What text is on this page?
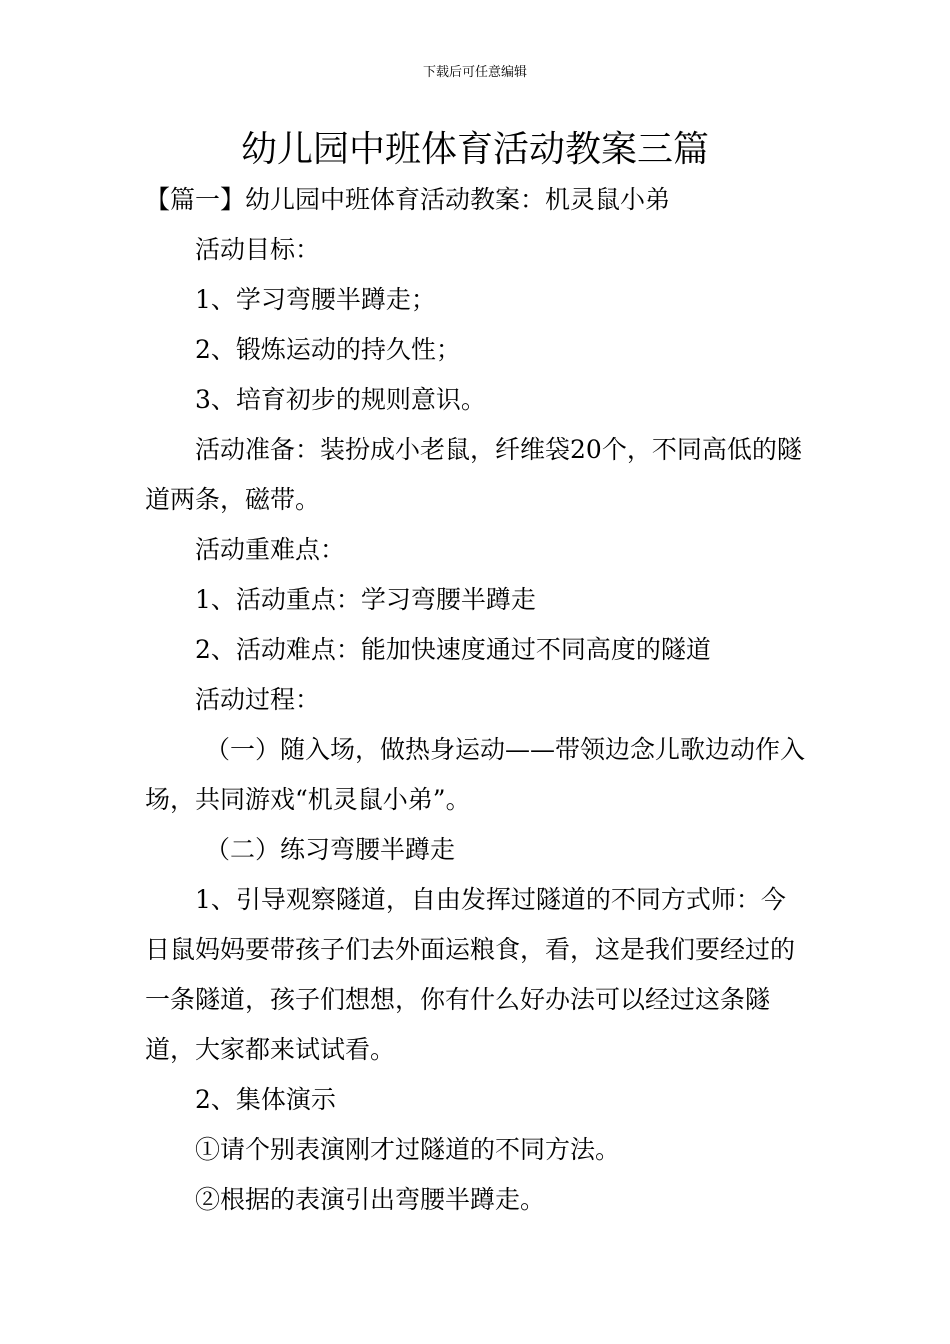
下载后可任意编辑
幼儿园中班体育活动教案三篇

【篇一】幼儿园中班体育活动教案：机灵鼠小弟

活动目标：

1、学习弯腰半蹲走；

2、锻炼运动的持久性；

3、培育初步的规则意识。

活动准备：装扮成小老鼠，纤维袋20个，不同高低的隧道两条，磁带。

活动重难点：

1、活动重点：学习弯腰半蹲走

2、活动难点：能加快速度通过不同高度的隧道

活动过程：

（一）随入场，做热身运动——带领边念儿歌边动作入场，共同游戏“机灵鼠小弟”。

（二）练习弯腰半蹲走

1、引导观察隧道，自由发挥过隧道的不同方式师：今日鼠妈妈要带孩子们去外面运粮食，看，这是我们要经过的一条隧道，孩子们想想，你有什么好办法可以经过这条隧道，大家都来试试看。

2、集体演示

①请个别表演刚才过隧道的不同方法。

②根据的表演引出弯腰半蹲走。
